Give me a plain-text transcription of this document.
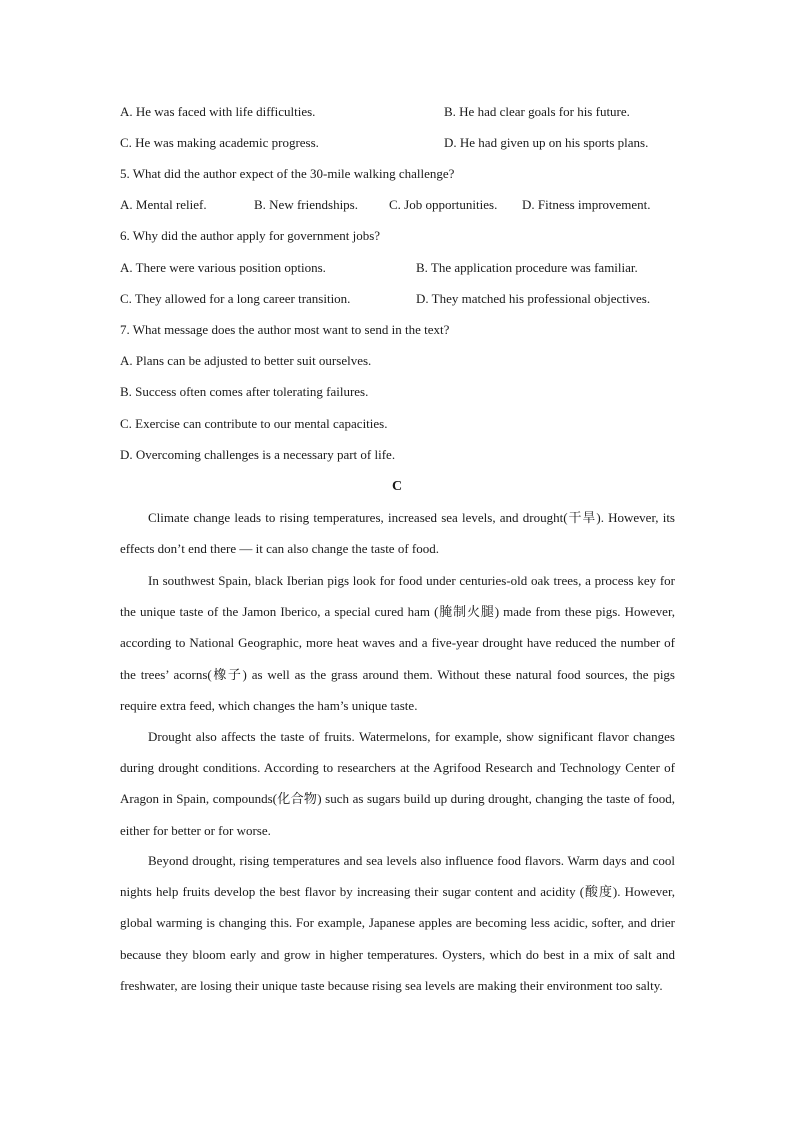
A. He was faced with life difficulties.	B. He had clear goals for his future.
C. He was making academic progress.	D. He had given up on his sports plans.
5. What did the author expect of the 30-mile walking challenge?
A. Mental relief.	B. New friendships. C. Job opportunities. D. Fitness improvement.
6. Why did the author apply for government jobs?
A. There were various position options.	B. The application procedure was familiar.
C. They allowed for a long career transition.	D. They matched his professional objectives.
7. What message does the author most want to send in the text?
A. Plans can be adjusted to better suit ourselves.
B. Success often comes after tolerating failures.
C. Exercise can contribute to our mental capacities.
D. Overcoming challenges is a necessary part of life.
C

Climate change leads to rising temperatures, increased sea levels, and drought(干旱). However, its effects don’t end there — it can also change the taste of food.

In southwest Spain, black Iberian pigs look for food under centuries-old oak trees, a process key for the unique taste of the Jamon Iberico, a special cured ham (腌制火腿) made from these pigs. However, according to National Geographic, more heat waves and a five-year drought have reduced the number of the trees’ acorns(橡子) as well as the grass around them. Without these natural food sources, the pigs require extra feed, which changes the ham’s unique taste.

Drought also affects the taste of fruits. Watermelons, for example, show significant flavor changes during drought conditions. According to researchers at the Agrifood Research and Technology Center of Aragon in Spain, compounds(化合物) such as sugars build up during drought, changing the taste of food, either for better or for worse.

Beyond drought, rising temperatures and sea levels also influence food flavors. Warm days and cool nights help fruits develop the best flavor by increasing their sugar content and acidity (酸度). However, global warming is changing this. For example, Japanese apples are becoming less acidic, softer, and drier because they bloom early and grow in higher temperatures. Oysters, which do best in a mix of salt and freshwater, are losing their unique taste because rising sea levels are making their environment too salty.
